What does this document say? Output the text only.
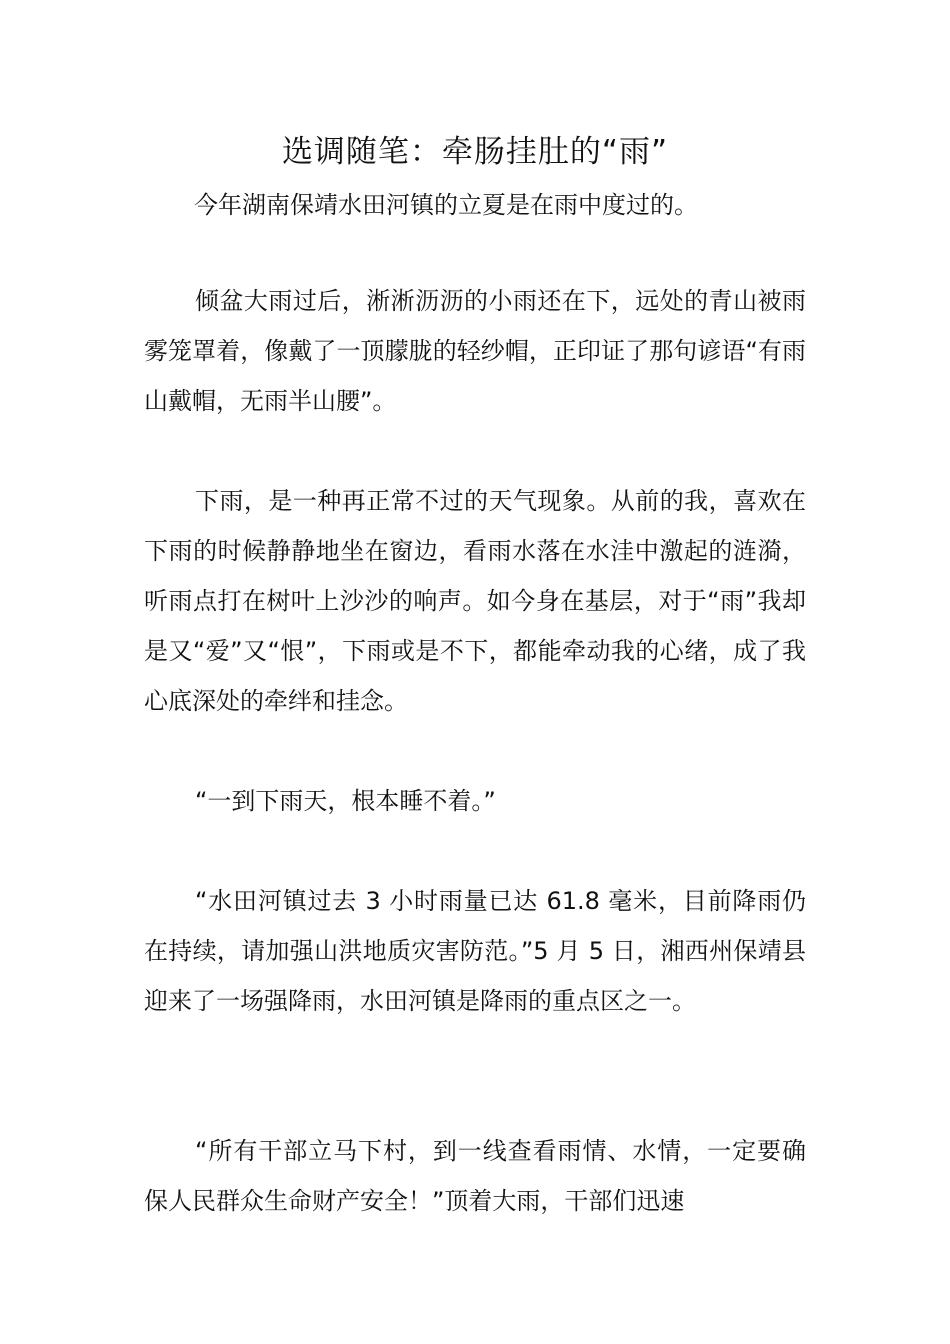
选调随笔：牵肠挂肚的“雨”

今年湖南保靖水田河镇的立夏是在雨中度过的。

倾盆大雨过后，淅淅沥沥的小雨还在下，远处的青山被雨雾笼罩着，像戴了一顶朦胧的轻纱帽，正印证了那句谚语“有雨山戴帽，无雨半山腰”。

下雨，是一种再正常不过的天气现象。从前的我，喜欢在下雨的时候静静地坐在窗边，看雨水落在水洼中激起的涟漪，听雨点打在树叶上沙沙的响声。如今身在基层，对于“雨”我却是又“爱”又“恨”，下雨或是不下，都能牵动我的心绪，成了我心底深处的牵绊和挂念。

“一到下雨天，根本睡不着。”

“水田河镇过去 3 小时雨量已达 61.8 毫米，目前降雨仍在持续，请加强山洪地质灾害防范。”5 月 5 日，湘西州保靖县迎来了一场强降雨，水田河镇是降雨的重点区之一。

“所有干部立马下村，到一线查看雨情、水情，一定要确保人民群众生命财产安全！”顶着大雨，干部们迅速
